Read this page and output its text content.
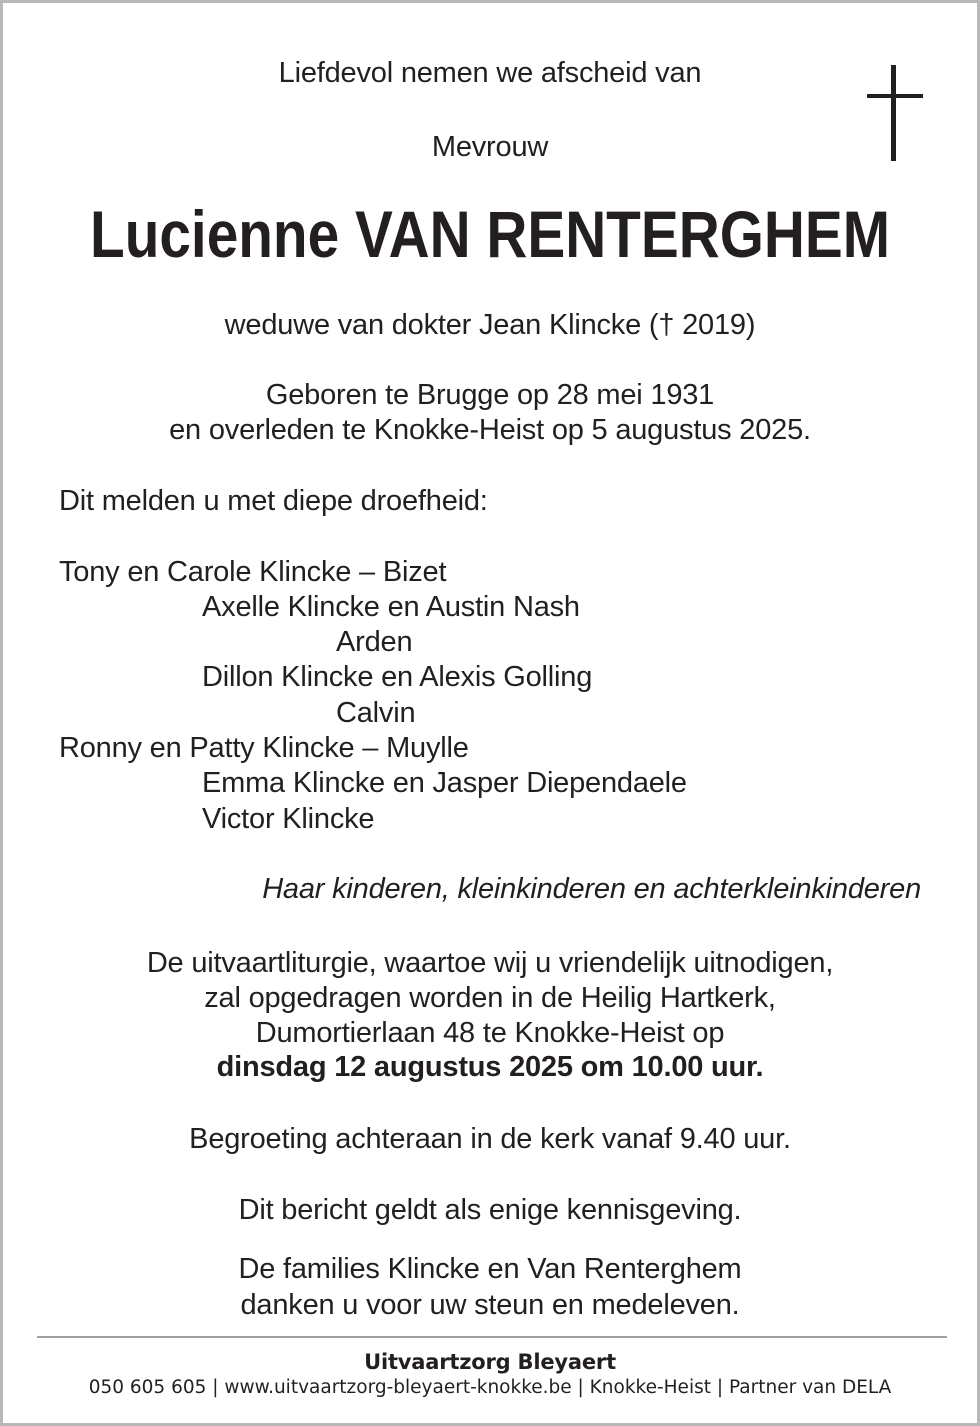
Liefdevol nemen we afscheid van
Mevrouw
Lucienne VAN RENTERGHEM
weduwe van dokter Jean Klincke († 2019)
Geboren te Brugge op 28 mei 1931
en overleden te Knokke-Heist op 5 augustus 2025.
Dit melden u met diepe droefheid:
Tony en Carole Klincke – Bizet
Axelle Klincke en Austin Nash
Arden
Dillon Klincke en Alexis Golling
Calvin
Ronny en Patty Klincke – Muylle
Emma Klincke en Jasper Diependaele
Victor Klincke
Haar kinderen, kleinkinderen en achterkleinkinderen
De uitvaartliturgie, waartoe wij u vriendelijk uitnodigen,
zal opgedragen worden in de Heilig Hartkerk,
Dumortierlaan 48 te Knokke-Heist op
dinsdag 12 augustus 2025 om 10.00 uur.
Begroeting achteraan in de kerk vanaf 9.40 uur.
Dit bericht geldt als enige kennisgeving.
De families Klincke en Van Renterghem
danken u voor uw steun en medeleven.
Uitvaartzorg Bleyaert
050 605 605 | www.uitvaartzorg-bleyaert-knokke.be | Knokke-Heist | Partner van DELA
